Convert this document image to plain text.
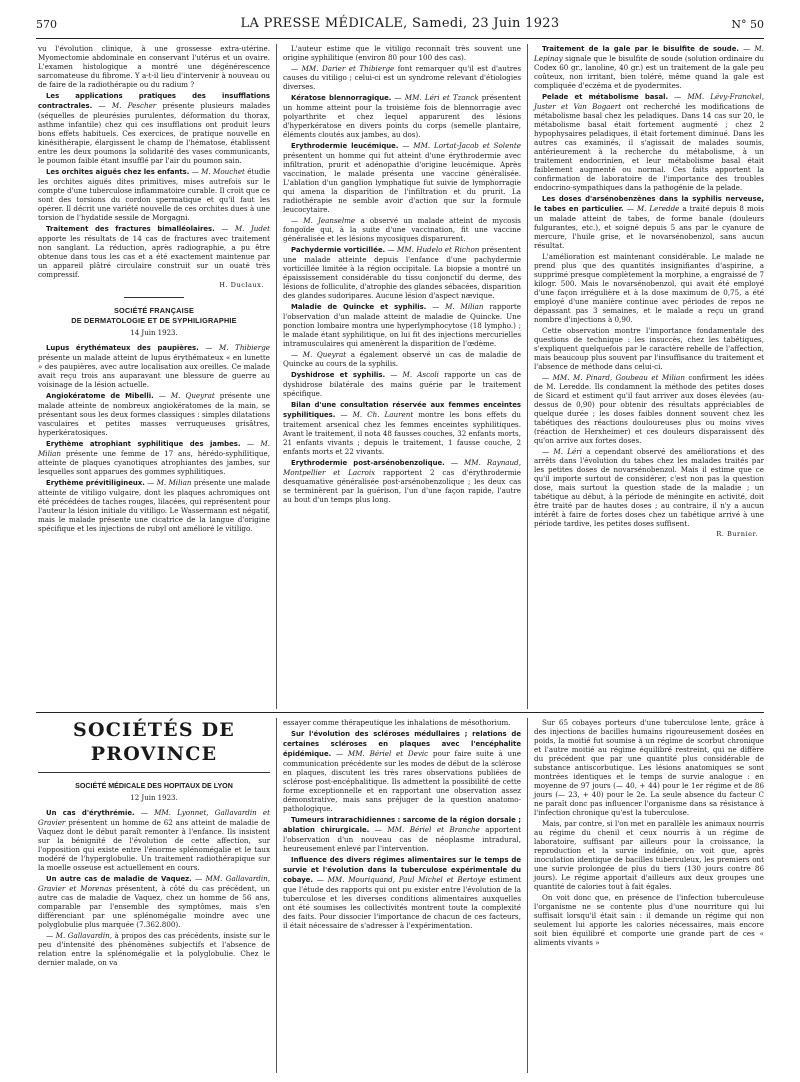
570	LA PRESSE MÉDICALE, Samedi, 23 Juin 1923	N° 50

vu l'évolution clinique, à une grossesse extra-utérine. Myomectomie abdominale en conservant l'utérus et un ovaire. L'examen histologique a montré une dégénérescence sarcomateuse du fibrome. Y a-t-il lieu d'intervenir à nouveau ou de faire de la radiothérapie ou du radium ?

Les applications pratiques des insufflations contractrales. — M. Pescher présente plusieurs malades (séquelles de pleurésies purulentes, déformation du thorax, asthme infantile) chez qui ces insufflations ont produit leurs bons effets habituels. Ces exercices, de pratique nouvelle en kinésithérapie, élargissent le champ de l'hématose, établissent entre les deux poumons la solidarité des vases communicants, le poumon faible étant insufflé par l'air du poumon sain.

Les orchites aiguës chez les enfants. — M. Mouchet étudie les orchites aiguës dites primitives, mises autrefois sur le compte d'une tuberculose inflammatoire curable. Il croit que ce sont des torsions du cordon spermatique et qu'il faut les opérer. Il décrit une variété nouvelle de ces orchites dues à une torsion de l'hydatide sessile de Morgagni.

Traitement des fractures bimalléolaires. — M. Judet apporte les résultats de 14 cas de fractures avec traitement non sanglant. La réduction, après radiographie, a pu être obtenue dans tous les cas et a été exactement maintenue par un appareil plâtré circulaire construit sur un ouaté très compressif.

H. Duclaux.
SOCIÉTÉ FRANÇAISE
DE DERMATOLOGIE ET DE SYPHILIGRAPHIE
14 Juin 1923.

Lupus érythémateux des paupières. — M. Thibierge présente un malade atteint de lupus érythémateux « en lunette » des paupières, avec autre localisation aux oreilles. Ce malade avait reçu trois ans auparavant une blessure de guerre au voisinage de la lésion actuelle.

Angiokératome de Mibelli. — M. Queyrat présente une malade atteinte de nombreux angiokératomes de la main, se présentant sous les deux formes classiques : simples dilatations vasculaires et petites masses verruqueuses grisâtres, hyperkératosiques.

Erythème atrophiant syphilitique des jambes. — M. Milian présente une femme de 17 ans, hérédo-syphilitique, atteinte de plaques cyanotiques atrophiantes des jambes, sur lesquelles sont apparues des gommes syphilitiques.

Erythème prévitiligineux. — M. Milian présente une malade atteinte de vitiligo vulgaire, dont les plaques achromiques ont été précédées de taches rouges, lilacées, qui représentent pour l'auteur la lésion initiale du vitiligo. Le Wassermann est négatif, mais le malade présente une cicatrice de la langue d'origine spécifique et les injections de rubyl ont amélioré le vitiligo.

L'auteur estime que le vitiligo reconnaît très souvent une origine syphilitique (environ 80 pour 100 des cas).

— MM. Darier et Thibierge font remarquer qu'il est d'autres causes du vitiligo ; celui-ci est un syndrome relevant d'étiologies diverses.

Kératose blennorragique. — MM. Léri et Tzanck présentent un homme atteint pour la troisième fois de blennorragie avec polyarthrite et chez lequel apparurent des lésions d'hyperkératose en divers points du corps (semelle plantaire, éléments cloutés aux jambes, au dos).

Erythrodermie leucémique. — MM. Lortat-Jacob et Solente présentent un homme qui fut atteint d'une érythrodermie avec infiltration, prurit et adénopathie d'origine leucémique. Après vaccination, le malade présenta une vaccine généralisée. L'ablation d'un ganglion lymphatique fut suivie de lymphorragie qui amena la disparition de l'infiltration et du prurit. La radiothérapie ne semble avoir d'action que sur la formule leucocytaire.

— M. Jeanselme a observé un malade atteint de mycosis fongoïde qui, à la suite d'une vaccination, fit une vaccine généralisée et les lésions mycosiques disparurent.

Pachydermie vorticillée. — MM. Hudelo et Richon présentent une malade atteinte depuis l'enfance d'une pachydermie vorticillée limitée à la région occipitale. La biopsie a montré un épaississement considérable du tissu conjonctif du derme, des lésions de folliculite, d'atrophie des glandes sébacées, disparition des glandes sudoripares. Aucune lésion d'aspect nævique.

Maladie de Quincke et syphilis. — M. Milian rapporte l'observation d'un malade atteint de maladie de Quincke. Une ponction lombaire montra une hyperlymphocytose (18 lympho.) ; le malade étant syphilitique, on lui fit des injections mercurielles intramusculaires qui amenèrent la disparition de l'œdème.

— M. Queyrat a également observé un cas de maladie de Quincke au cours de la syphilis.

Dyshidrose et syphilis. — M. Ascoli rapporte un cas de dyshidrose bilatérale des mains guérie par le traitement spécifique.

Bilan d'une consultation réservée aux femmes enceintes syphilitiques. — M. Ch. Laurent montre les bons effets du traitement arsenical chez les femmes enceintes syphilitiques. Avant le traitement, il nota 48 fausses couches, 32 enfants morts, 21 enfants vivants ; depuis le traitement, 1 fausse couche, 2 enfants morts et 22 vivants.

Erythrodermie post-arsénobenzolique. — MM. Raynaud, Montpellier et Lacroix rapportent 2 cas d'érythrodermie desquamative généralisée post-arsénobenzolique ; les deux cas se terminèrent par la guérison, l'un d'une façon rapide, l'autre au bout d'un temps plus long.

Traitement de la gale par le bisulfite de soude. — M. Lepinay signale que le bisulfite de soude (solution ordinaire du Codex 60 gr., lanoline, 40 gr.) est un traitement de la gale peu coûteux, non irritant, bien toléré, même quand la gale est compliquée d'eczéma et de pyodermites.

Pelade et métabolisme basal. — MM. Lévy-Franckel, Juster et Van Bogaert ont recherché les modifications de métabolisme basal chez les peladiques. Dans 14 cas sur 20, le métabolisme basal était fortement augmenté ; chez 2 hypophysaires peladiques, il était fortement diminué. Dans les autres cas examinés, il s'agissait de malades soumis, antérieurement à la recherche du métabolisme, à un traitement endocrinien, et leur métabolisme basal était faiblement augmenté ou normal. Ces faits apportent la confirmation de laboratoire de l'importance des troubles endocrino-sympathiques dans la pathogénie de la pelade.

Les doses d'arsénobenzènes dans la syphilis nerveuse, le tabes en particulier. — M. Leredde a traité depuis 8 mois un malade atteint de tabes, de forme banale (douleurs fulgurantes, etc.), et soigné depuis 5 ans par le cyanure de mercure, l'huile grise, et le novarsénobenzol, sans aucun résultat.

L'amélioration est maintenant considérable. Le malade ne prend plus que des quantités insignifiantes d'aspirine, a supprimé presque complètement la morphine, a engraissé de 7 kilogr. 500. Mais le novarsénobenzol, qui avait été employé d'une façon irrégulière et à la dose maximum de 0,75, a été employé d'une manière continue avec périodes de repos ne dépassant pas 3 semaines, et le malade a reçu un grand nombre d'injections à 0,90.

Cette observation montre l'importance fondamentale des questions de technique : les insuccès, chez les tabétiques, s'expliquent quelquefois par le caractère rebelle de l'affection, mais beaucoup plus souvent par l'insuffisance du traitement et l'absence de méthode dans celui-ci.

— MM. M. Pinard, Goubeau et Milian confirment les idées de M. Leredde. Ils condamnent la méthode des petites doses de Sicard et estiment qu'il faut arriver aux doses élevées (au-dessus de 0,90) pour obtenir des résultats appréciables de quelque durée ; les doses faibles donnent souvent chez les tabétiques des réactions douloureuses plus ou moins vives (réaction de Herxheimer) et ces douleurs disparaissent dès qu'on arrive aux fortes doses.

— M. Léri a cependant observé des améliorations et des arrêts dans l'évolution du tabes chez les malades traités par les petites doses de novarsénobenzol. Mais il estime que ce qu'il importe surtout de considérer, c'est non pas la question dose, mais surtout la question stade de la maladie ; un tabétique au début, à la période de méningite en activité, doit être traité par de hautes doses ; au contraire, il n'y a aucun intérêt à faire de fortes doses chez un tabétique arrivé à une période tardive, les petites doses suffisent.

R. Burnier.
SOCIÉTÉS DE PROVINCE
SOCIÉTÉ MÉDICALE DES HOPITAUX DE LYON
12 Juin 1923.

Un cas d'érythrémie. — MM. Lyonnet, Gallavardin et Gravier présentent un homme de 62 ans atteint de maladie de Vaquez dont le début paraît remonter à l'enfance. Ils insistent sur la bénignité de l'évolution de cette affection, sur l'opposition qui existe entre l'énorme splénomégalie et le taux modéré de l'hyperglobulie. Un traitement radiothérapique sur la moelle osseuse est actuellement en cours.

Un autre cas de maladie de Vaquez. — MM. Gallavardin, Gravier et Morenas présentent, à côté du cas précédent, un autre cas de maladie de Vaquez, chez un homme de 56 ans, comparable par l'ensemble des symptômes, mais s'en différenciant par une splénomégalie moindre avec une polyglobulie plus marquée (7.362.800).

— M. Gallavardin, à propos des cas précédents, insiste sur le peu d'intensité des phénomènes subjectifs et l'absence de relation entre la splénomégalie et la polyglobulie. Chez le dernier malade, on va

essayer comme thérapeutique les inhalations de mésothorium.

Sur l'évolution des scléroses médullaires ; relations de certaines scléroses en plaques avec l'encéphalite épidémique. — MM. Bériel et Devic pour faire suite à une communication précédente sur les modes de début de la sclérose en plaques, discutent les très rares observations publiées de sclérose post-encéphalitique. Ils admettent la possibilité de cette forme exceptionnelle et en rapportant une observation assez démonstrative, mais sans préjuger de la question anatomo-pathologique.

Tumeurs intrarachidiennes : sarcome de la région dorsale ; ablation chirurgicale. — MM. Bériel et Branche apportent l'observation d'un nouveau cas de néoplasme intradural, heureusement enlevé par l'intervention.

Influence des divers régimes alimentaires sur le temps de survie et l'évolution dans la tuberculose expérimentale du cobaye. — MM. Mouriquand, Paul Michel et Bertoye estiment que l'étude des rapports qui ont pu exister entre l'évolution de la tuberculose et les diverses conditions alimentaires auxquelles ont été soumises les collectivités montrent toute la complexité des faits. Pour dissocier l'importance de chacun de ces facteurs, il était nécessaire de s'adresser à l'expérimentation.

Sur 65 cobayes porteurs d'une tuberculose lente, grâce à des injections de bacilles humains rigoureusement dosées en poids, la moitié fut soumise à un régime de scorbut chronique et l'autre moitié au régime équilibré restreint, qui ne diffère du précédent que par une quantité plus considérable de substance antiscorbutique. Les lésions anatomiques se sont montrées identiques et le temps de survie analogue : en moyenne de 97 jours (— 40, + 44) pour le 1er régime et de 86 jours (— 23, + 40) pour le 2e. La seule absence du facteur C ne paraît donc pas influencer l'organisme dans sa résistance à l'infection chronique qu'est la tuberculose.

Mais, par contre, si l'on met en parallèle les animaux nourris au régime du chenil et ceux nourris à un régime de laboratoire, suffisant par ailleurs pour la croissance, la reproduction et la survie indéfinie, on voit que, après inoculation identique de bacilles tuberculeux, les premiers ont une survie prolongée de plus du tiers (130 jours contre 86 jours). Le régime apportait d'ailleurs aux deux groupes une quantité de calories tout à fait égales.

On voit donc que, en présence de l'infection tuberculeuse l'organisme ne se contente plus d'une nourriture qui lui suffisait lorsqu'il était sain : il demande un régime qui non seulement lui apporte les calories nécessaires, mais encore soit bien équilibré et comporte une grande part de ces « aliments vivants »
